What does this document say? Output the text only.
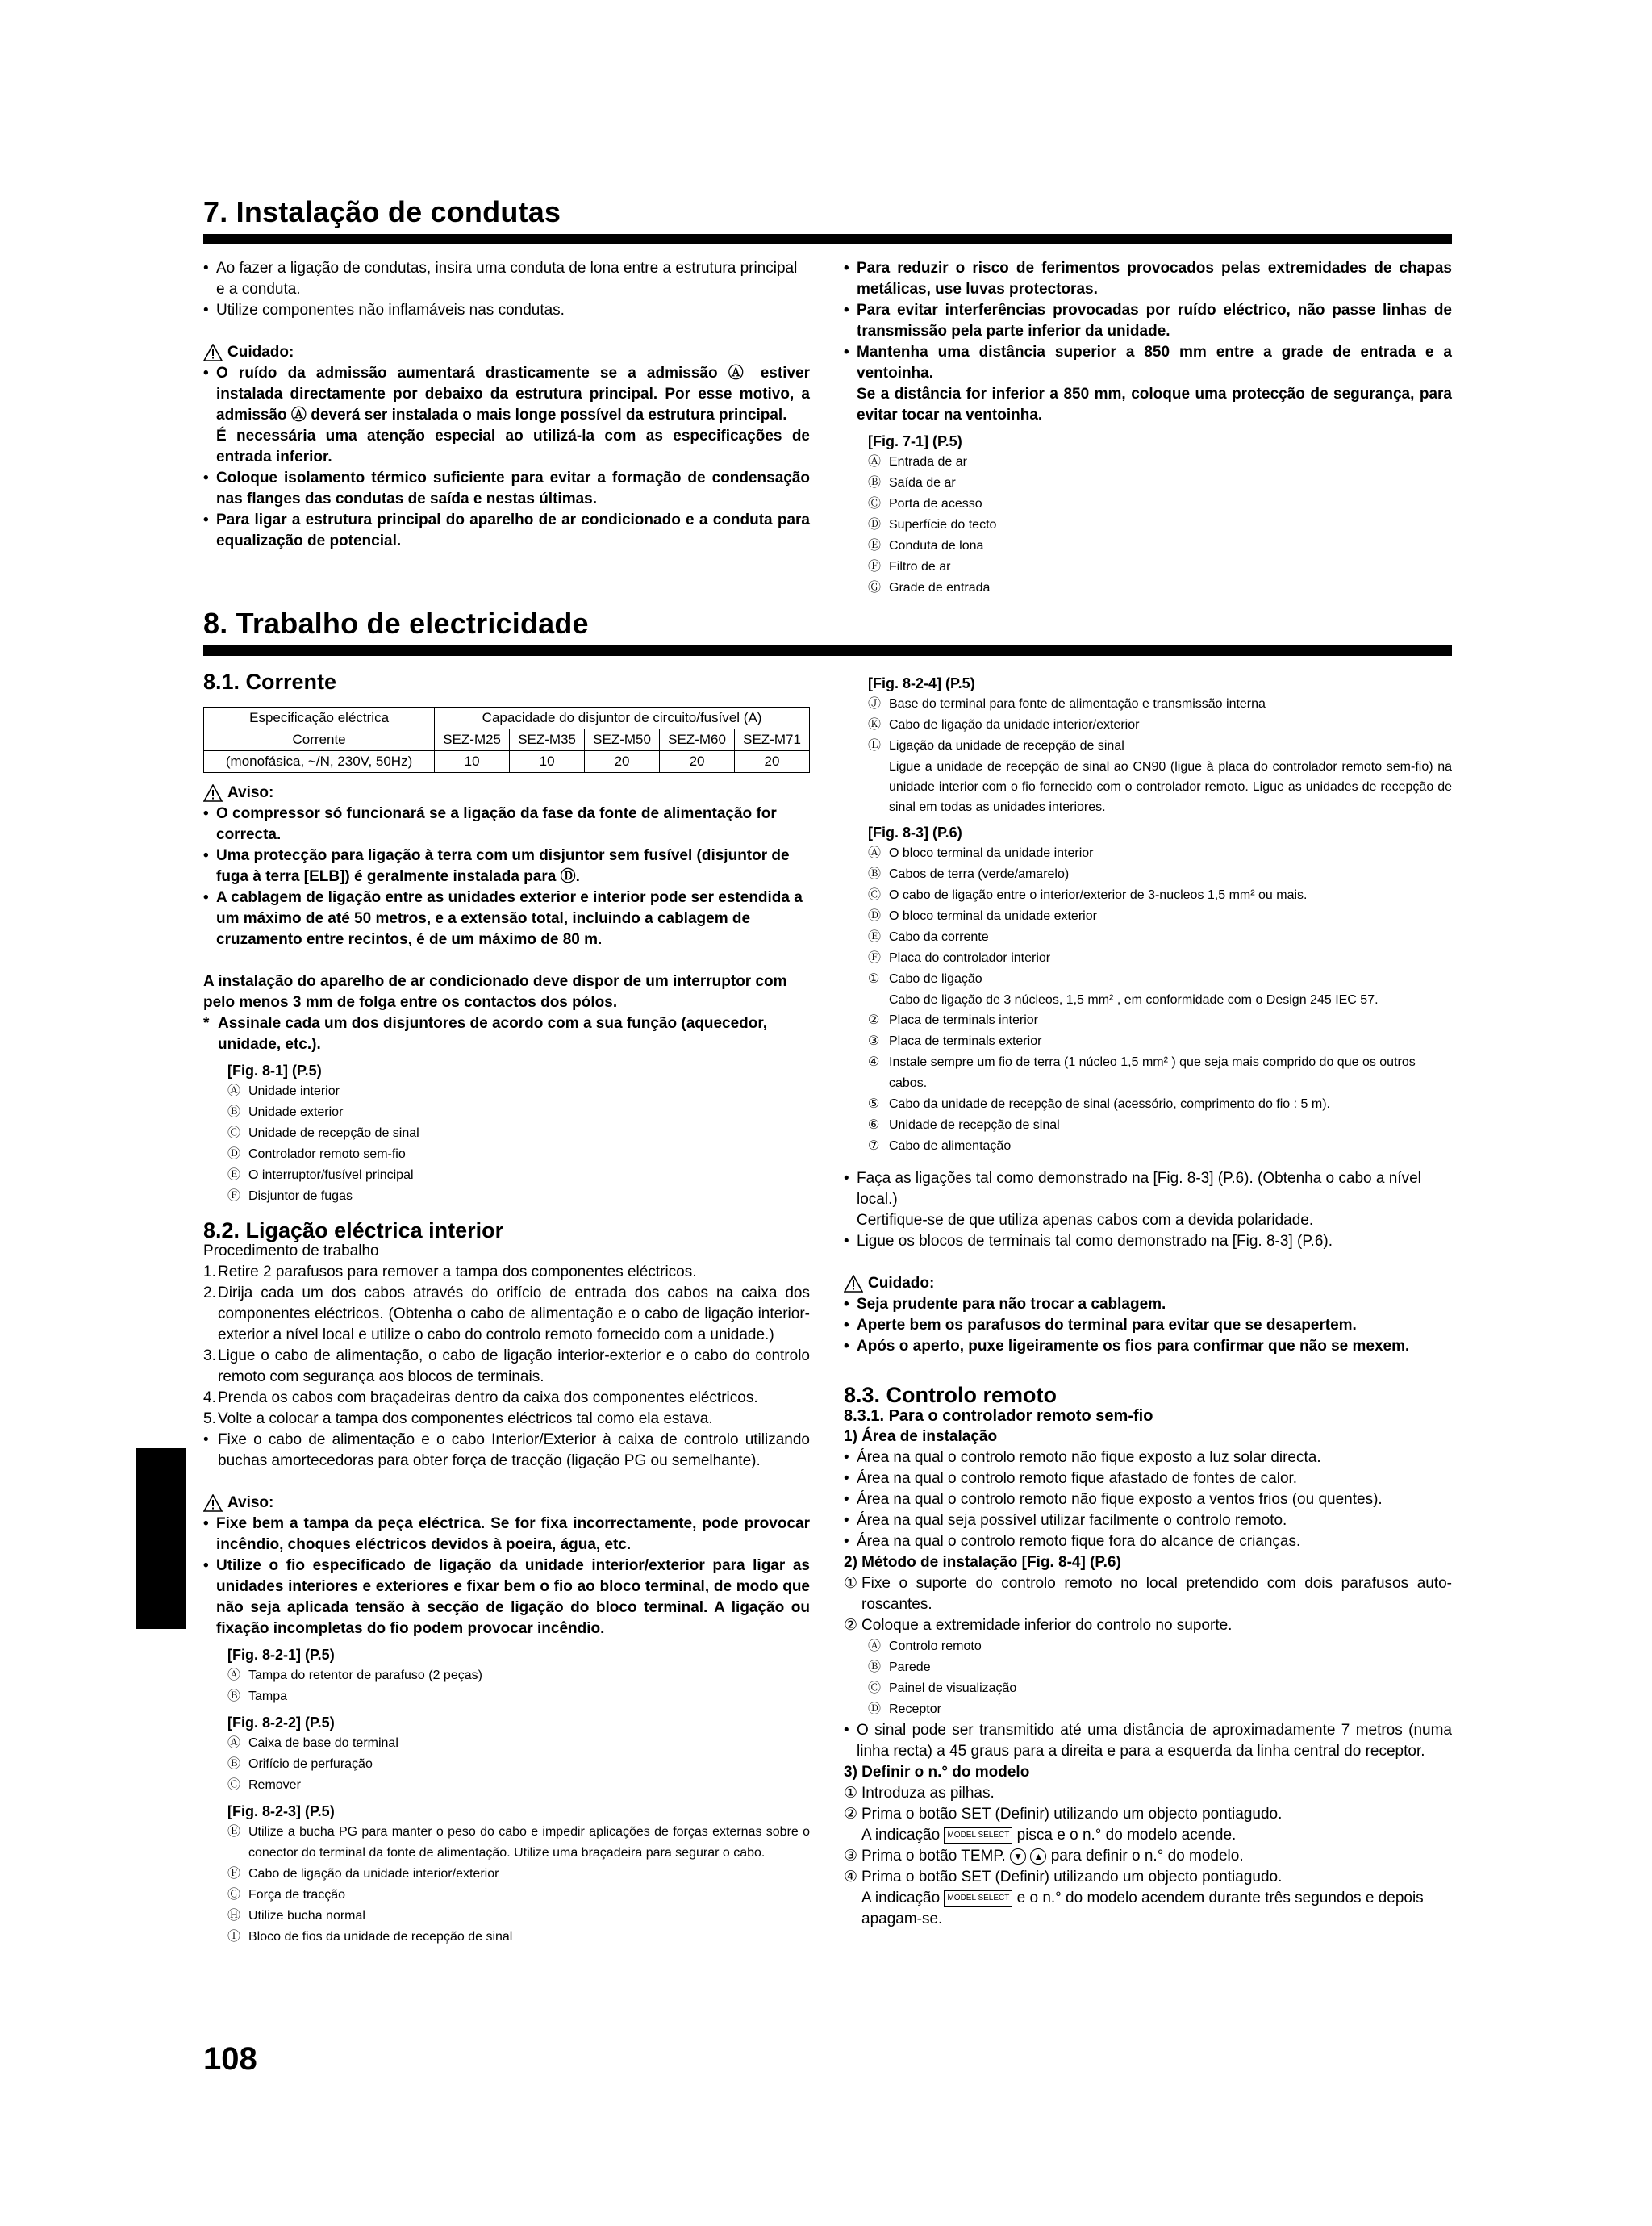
7. Instalação de condutas
• Ao fazer a ligação de condutas, insira uma conduta de lona entre a estrutura principal e a conduta.
• Utilize componentes não inflamáveis nas condutas.
Cuidado:
• O ruído da admissão aumentará drasticamente se a admissão Ⓐ estiver instalada directamente por debaixo da estrutura principal. Por esse motivo, a admissão Ⓐ deverá ser instalada o mais longe possível da estrutura principal.
É necessária uma atenção especial ao utilizá-la com as especificações de entrada inferior.
• Coloque isolamento térmico suficiente para evitar a formação de condensação nas flanges das condutas de saída e nestas últimas.
• Para ligar a estrutura principal do aparelho de ar condicionado e a conduta para equalização de potencial.
• Para reduzir o risco de ferimentos provocados pelas extremidades de chapas metálicas, use luvas protectoras.
• Para evitar interferências provocadas por ruído eléctrico, não passe linhas de transmissão pela parte inferior da unidade.
• Mantenha uma distância superior a 850 mm entre a grade de entrada e a ventoinha.
Se a distância for inferior a 850 mm, coloque uma protecção de segurança, para evitar tocar na ventoinha.
[Fig. 7-1] (P.5)
Ⓐ Entrada de ar
Ⓑ Saída de ar
Ⓒ Porta de acesso
Ⓓ Superfície do tecto
Ⓔ Conduta de lona
Ⓕ Filtro de ar
Ⓖ Grade de entrada
8. Trabalho de electricidade
8.1. Corrente
Especificação eléctrica	Capacidade do disjuntor de circuito/fusível (A)				
Corrente	SEZ-M25	SEZ-M35	SEZ-M50	SEZ-M60	SEZ-M71
(monofásica, ~/N, 230V, 50Hz)	10	10	20	20	20
Aviso:
• O compressor só funcionará se a ligação da fase da fonte de alimentação for correcta.
• Uma protecção para ligação à terra com um disjuntor sem fusível (disjuntor de fuga à terra [ELB]) é geralmente instalada para Ⓓ.
• A cablagem de ligação entre as unidades exterior e interior pode ser estendida a um máximo de até 50 metros, e a extensão total, incluindo a cablagem de cruzamento entre recintos, é de um máximo de 80 m.
A instalação do aparelho de ar condicionado deve dispor de um interruptor com pelo menos 3 mm de folga entre os contactos dos pólos.
* Assinale cada um dos disjuntores de acordo com a sua função (aquecedor, unidade, etc.).
[Fig. 8-1] (P.5)
Ⓐ Unidade interior
Ⓑ Unidade exterior
Ⓒ Unidade de recepção de sinal
Ⓓ Controlador remoto sem-fio
Ⓔ O interruptor/fusível principal
Ⓕ Disjuntor de fugas
8.2. Ligação eléctrica interior
Procedimento de trabalho
1. Retire 2 parafusos para remover a tampa dos componentes eléctricos.
2. Dirija cada um dos cabos através do orifício de entrada dos cabos na caixa dos componentes eléctricos. (Obtenha o cabo de alimentação e o cabo de ligação interior-exterior a nível local e utilize o cabo do controlo remoto fornecido com a unidade.)
3. Ligue o cabo de alimentação, o cabo de ligação interior-exterior e o cabo do controlo remoto com segurança aos blocos de terminais.
4. Prenda os cabos com braçadeiras dentro da caixa dos componentes eléctricos.
5. Volte a colocar a tampa dos componentes eléctricos tal como ela estava.
• Fixe o cabo de alimentação e o cabo Interior/Exterior à caixa de controlo utilizando buchas amortecedoras para obter força de tracção (ligação PG ou semelhante).
Aviso:
• Fixe bem a tampa da peça eléctrica. Se for fixa incorrectamente, pode provocar incêndio, choques eléctricos devidos à poeira, água, etc.
• Utilize o fio especificado de ligação da unidade interior/exterior para ligar as unidades interiores e exteriores e fixar bem o fio ao bloco terminal, de modo que não seja aplicada tensão à secção de ligação do bloco terminal. A ligação ou fixação incompletas do fio podem provocar incêndio.
[Fig. 8-2-1] (P.5)
Ⓐ Tampa do retentor de parafuso (2 peças)
Ⓑ Tampa
[Fig. 8-2-2] (P.5)
Ⓐ Caixa de base do terminal
Ⓑ Orifício de perfuração
Ⓒ Remover
[Fig. 8-2-3] (P.5)
Ⓔ Utilize a bucha PG para manter o peso do cabo e impedir aplicações de forças externas sobre o conector do terminal da fonte de alimentação. Utilize uma braçadeira para segurar o cabo.
Ⓕ Cabo de ligação da unidade interior/exterior
Ⓖ Força de tracção
Ⓗ Utilize bucha normal
Ⓘ Bloco de fios da unidade de recepção de sinal
[Fig. 8-2-4] (P.5)
Ⓙ Base do terminal para fonte de alimentação e transmissão interna
Ⓚ Cabo de ligação da unidade interior/exterior
Ⓛ Ligação da unidade de recepção de sinal
Ligue a unidade de recepção de sinal ao CN90 (ligue à placa do controlador remoto sem-fio) na unidade interior com o fio fornecido com o controlador remoto. Ligue as unidades de recepção de sinal em todas as unidades interiores.
[Fig. 8-3] (P.6)
Ⓐ O bloco terminal da unidade interior
Ⓑ Cabos de terra (verde/amarelo)
Ⓒ O cabo de ligação entre o interior/exterior de 3-nucleos 1,5 mm² ou mais.
Ⓓ O bloco terminal da unidade exterior
Ⓔ Cabo da corrente
Ⓕ Placa do controlador interior
① Cabo de ligação
Cabo de ligação de 3 núcleos, 1,5 mm² , em conformidade com o Design 245 IEC 57.
② Placa de terminals interior
③ Placa de terminals exterior
④ Instale sempre um fio de terra (1 núcleo 1,5 mm² ) que seja mais comprido do que os outros cabos.
⑤ Cabo da unidade de recepção de sinal (acessório, comprimento do fio : 5 m).
⑥ Unidade de recepção de sinal
⑦ Cabo de alimentação
• Faça as ligações tal como demonstrado na [Fig. 8-3] (P.6). (Obtenha o cabo a nível local.)
Certifique-se de que utiliza apenas cabos com a devida polaridade.
• Ligue os blocos de terminais tal como demonstrado na [Fig. 8-3] (P.6).
Cuidado:
• Seja prudente para não trocar a cablagem.
• Aperte bem os parafusos do terminal para evitar que se desapertem.
• Após o aperto, puxe ligeiramente os fios para confirmar que não se mexem.
8.3. Controlo remoto
8.3.1. Para o controlador remoto sem-fio
1) Área de instalação
• Área na qual o controlo remoto não fique exposto a luz solar directa.
• Área na qual o controlo remoto fique afastado de fontes de calor.
• Área na qual o controlo remoto não fique exposto a ventos frios (ou quentes).
• Área na qual seja possível utilizar facilmente o controlo remoto.
• Área na qual o controlo remoto fique fora do alcance de crianças.
2) Método de instalação [Fig. 8-4] (P.6)
① Fixe o suporte do controlo remoto no local pretendido com dois parafusos auto-roscantes.
② Coloque a extremidade inferior do controlo no suporte.
Ⓐ Controlo remoto
Ⓑ Parede
Ⓒ Painel de visualização
Ⓓ Receptor
• O sinal pode ser transmitido até uma distância de aproximadamente 7 metros (numa linha recta) a 45 graus para a direita e para a esquerda da linha central do receptor.
3) Definir o n.° do modelo
① Introduza as pilhas.
② Prima o botão SET (Definir) utilizando um objecto pontiagudo.
A indicação MODEL SELECT pisca e o n.° do modelo acende.
③ Prima o botão TEMP. ▼ ▲ para definir o n.° do modelo.
④ Prima o botão SET (Definir) utilizando um objecto pontiagudo.
A indicação MODEL SELECT e o n.° do modelo acendem durante três segundos e depois apagam-se.
108
